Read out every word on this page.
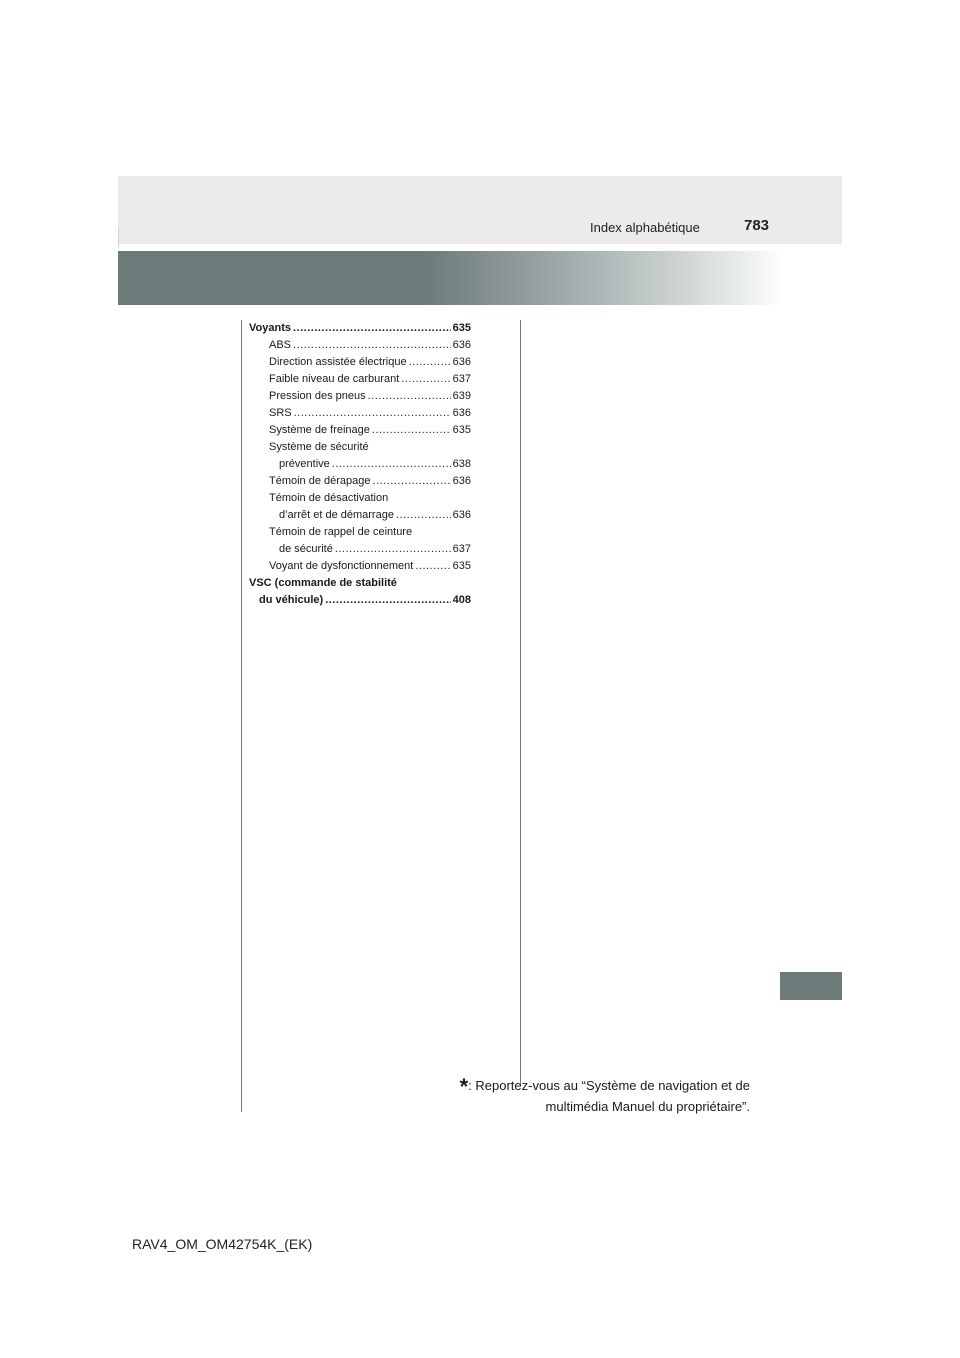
Index alphabétique	783
Voyants .....	635
ABS .....	636
Direction assistée électrique .....	636
Faible niveau de carburant .....	637
Pression des pneus .....	639
SRS .....	636
Système de freinage .....	635
Système de sécurité
préventive .....	638
Témoin de dérapage .....	636
Témoin de désactivation
d’arrêt et de démarrage .....	636
Témoin de rappel de ceinture
de sécurité .....	637
Voyant de dysfonctionnement .....	635
VSC (commande de stabilité
du véhicule) .....	408
*: Reportez-vous au “Système de navigation et de
multimédia Manuel du propriétaire”.
RAV4_OM_OM42754K_(EK)
